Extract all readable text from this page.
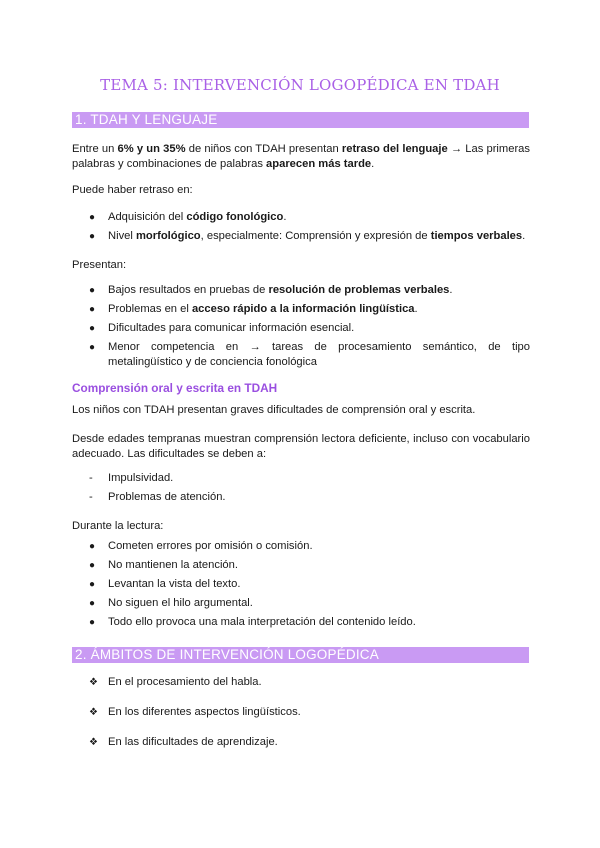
TEMA 5: INTERVENCIÓN LOGOPÉDICA EN TDAH
1. TDAH Y LENGUAJE
Entre un 6% y un 35% de niños con TDAH presentan retraso del lenguaje → Las primeras palabras y combinaciones de palabras aparecen más tarde.
Puede haber retraso en:
● Adquisición del código fonológico.
● Nivel morfológico, especialmente: Comprensión y expresión de tiempos verbales.
Presentan:
● Bajos resultados en pruebas de resolución de problemas verbales.
● Problemas en el acceso rápido a la información lingüística.
● Dificultades para comunicar información esencial.
● Menor competencia en → tareas de procesamiento semántico, de tipo metalingüístico y de conciencia fonológica
Comprensión oral y escrita en TDAH
Los niños con TDAH presentan graves dificultades de comprensión oral y escrita.
Desde edades tempranas muestran comprensión lectora deficiente, incluso con vocabulario adecuado. Las dificultades se deben a:
- Impulsividad.
- Problemas de atención.
Durante la lectura:
● Cometen errores por omisión o comisión.
● No mantienen la atención.
● Levantan la vista del texto.
● No siguen el hilo argumental.
● Todo ello provoca una mala interpretación del contenido leído.
2. ÁMBITOS DE INTERVENCIÓN LOGOPÉDICA
❖ En el procesamiento del habla.
❖ En los diferentes aspectos lingüísticos.
❖ En las dificultades de aprendizaje.
